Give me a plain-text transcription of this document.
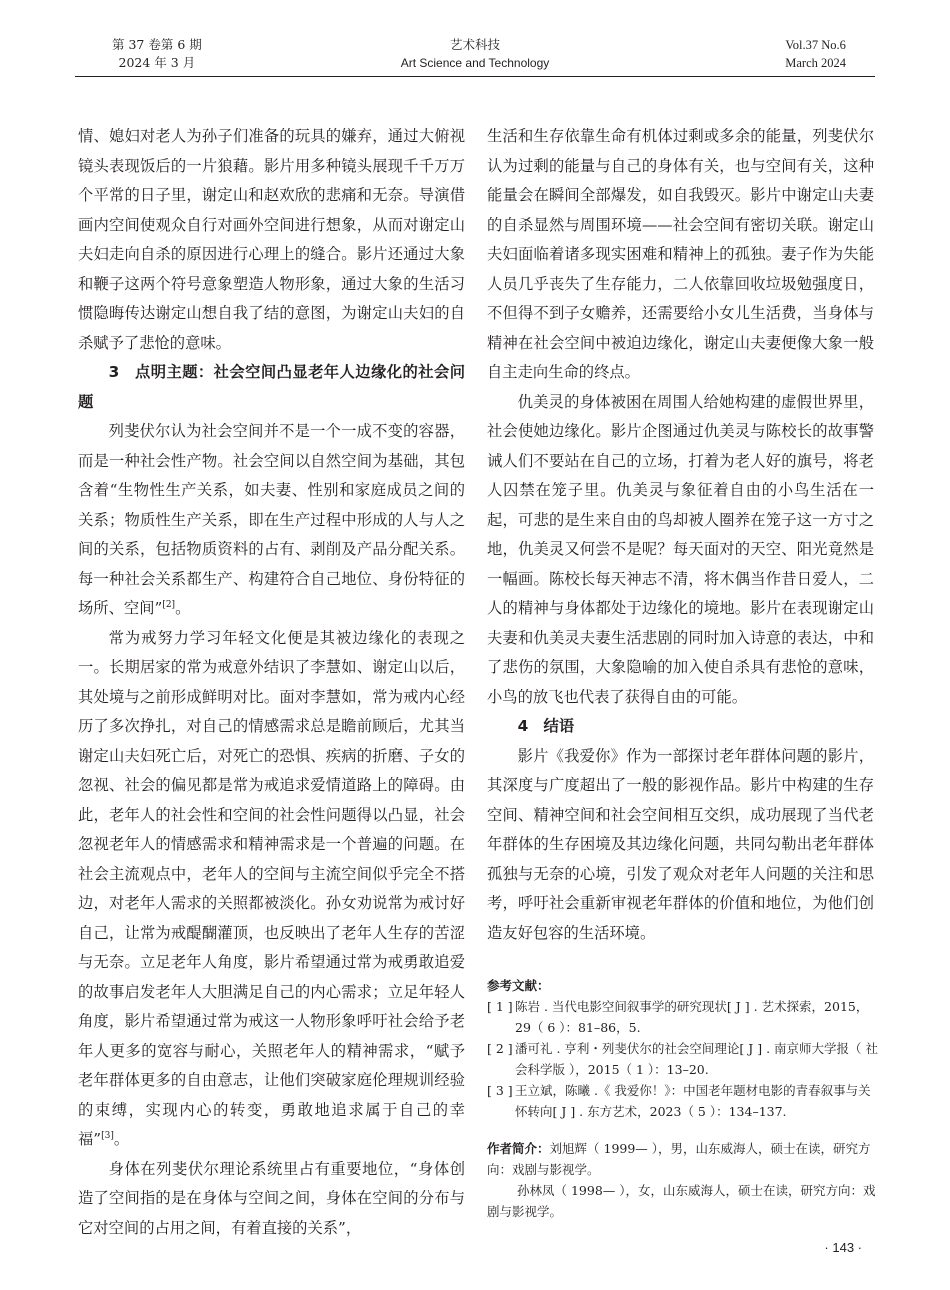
第 37 卷第 6 期
2024 年 3 月
艺术科技
Art Science and Technology
Vol.37 No.6
March 2024

情、媳妇对老人为孙子们准备的玩具的嫌弃，通过大俯视镜头表现饭后的一片狼藉。影片用多种镜头展现千千万万个平常的日子里，谢定山和赵欢欣的悲痛和无奈。导演借画内空间使观众自行对画外空间进行想象，从而对谢定山夫妇走向自杀的原因进行心理上的缝合。影片还通过大象和鞭子这两个符号意象塑造人物形象，通过大象的生活习惯隐晦传达谢定山想自我了结的意图，为谢定山夫妇的自杀赋予了悲怆的意味。

3 点明主题：社会空间凸显老年人边缘化的社会问题

列斐伏尔认为社会空间并不是一个一成不变的容器，而是一种社会性产物。社会空间以自然空间为基础，其包含着“生物性生产关系，如夫妻、性别和家庭成员之间的关系；物质性生产关系，即在生产过程中形成的人与人之间的关系，包括物质资料的占有、剥削及产品分配关系。每一种社会关系都生产、构建符合自己地位、身份特征的场所、空间”[2]。

常为戒努力学习年轻文化便是其被边缘化的表现之一。长期居家的常为戒意外结识了李慧如、谢定山以后，其处境与之前形成鲜明对比。面对李慧如，常为戒内心经历了多次挣扎，对自己的情感需求总是瞻前顾后，尤其当谢定山夫妇死亡后，对死亡的恐惧、疾病的折磨、子女的忽视、社会的偏见都是常为戒追求爱情道路上的障碍。由此，老年人的社会性和空间的社会性问题得以凸显，社会忽视老年人的情感需求和精神需求是一个普遍的问题。在社会主流观点中，老年人的空间与主流空间似乎完全不搭边，对老年人需求的关照都被淡化。孙女劝说常为戒讨好自己，让常为戒醍醐灌顶，也反映出了老年人生存的苦涩与无奈。立足老年人角度，影片希望通过常为戒勇敢追爱的故事启发老年人大胆满足自己的内心需求；立足年轻人角度，影片希望通过常为戒这一人物形象呼吁社会给予老年人更多的宽容与耐心，关照老年人的精神需求，“赋予老年群体更多的自由意志，让他们突破家庭伦理规训经验的束缚，实现内心的转变，勇敢地追求属于自己的幸福”[3]。

身体在列斐伏尔理论系统里占有重要地位，“身体创造了空间指的是在身体与空间之间，身体在空间的分布与它对空间的占用之间，有着直接的关系”，

生活和生存依靠生命有机体过剩或多余的能量，列斐伏尔认为过剩的能量与自己的身体有关，也与空间有关，这种能量会在瞬间全部爆发，如自我毁灭。影片中谢定山夫妻的自杀显然与周围环境——社会空间有密切关联。谢定山夫妇面临着诸多现实困难和精神上的孤独。妻子作为失能人员几乎丧失了生存能力，二人依靠回收垃圾勉强度日，不但得不到子女赡养，还需要给小女儿生活费，当身体与精神在社会空间中被迫边缘化，谢定山夫妻便像大象一般自主走向生命的终点。

仇美灵的身体被困在周围人给她构建的虚假世界里，社会使她边缘化。影片企图通过仇美灵与陈校长的故事警诫人们不要站在自己的立场，打着为老人好的旗号，将老人囚禁在笼子里。仇美灵与象征着自由的小鸟生活在一起，可悲的是生来自由的鸟却被人圈养在笼子这一方寸之地，仇美灵又何尝不是呢？每天面对的天空、阳光竟然是一幅画。陈校长每天神志不清，将木偶当作昔日爱人，二人的精神与身体都处于边缘化的境地。影片在表现谢定山夫妻和仇美灵夫妻生活悲剧的同时加入诗意的表达，中和了悲伤的氛围，大象隐喻的加入使自杀具有悲怆的意味，小鸟的放飞也代表了获得自由的可能。

4 结语

影片《我爱你》作为一部探讨老年群体问题的影片，其深度与广度超出了一般的影视作品。影片中构建的生存空间、精神空间和社会空间相互交织，成功展现了当代老年群体的生存困境及其边缘化问题，共同勾勒出老年群体孤独与无奈的心境，引发了观众对老年人问题的关注和思考，呼吁社会重新审视老年群体的价值和地位，为他们创造友好包容的生活环境。

参考文献：
[ 1 ] 陈岩 . 当代电影空间叙事学的研究现状[ J ] . 艺术探索，2015，29（ 6 ）：81–86，5.
[ 2 ] 潘可礼 . 亨利・列斐伏尔的社会空间理论[ J ] . 南京师大学报（ 社会科学版 ），2015（ 1 ）：13–20.
[ 3 ] 王立斌，陈曦 .《 我爱你！》：中国老年题材电影的青春叙事与关怀转向[ J ] . 东方艺术，2023（ 5 ）：134–137.
作者简介：刘旭辉（ 1999— ），男，山东威海人，硕士在读，研究方向：戏剧与影视学。
孙林凤（ 1998— ），女，山东威海人，硕士在读，研究方向：戏剧与影视学。
· 143 ·
